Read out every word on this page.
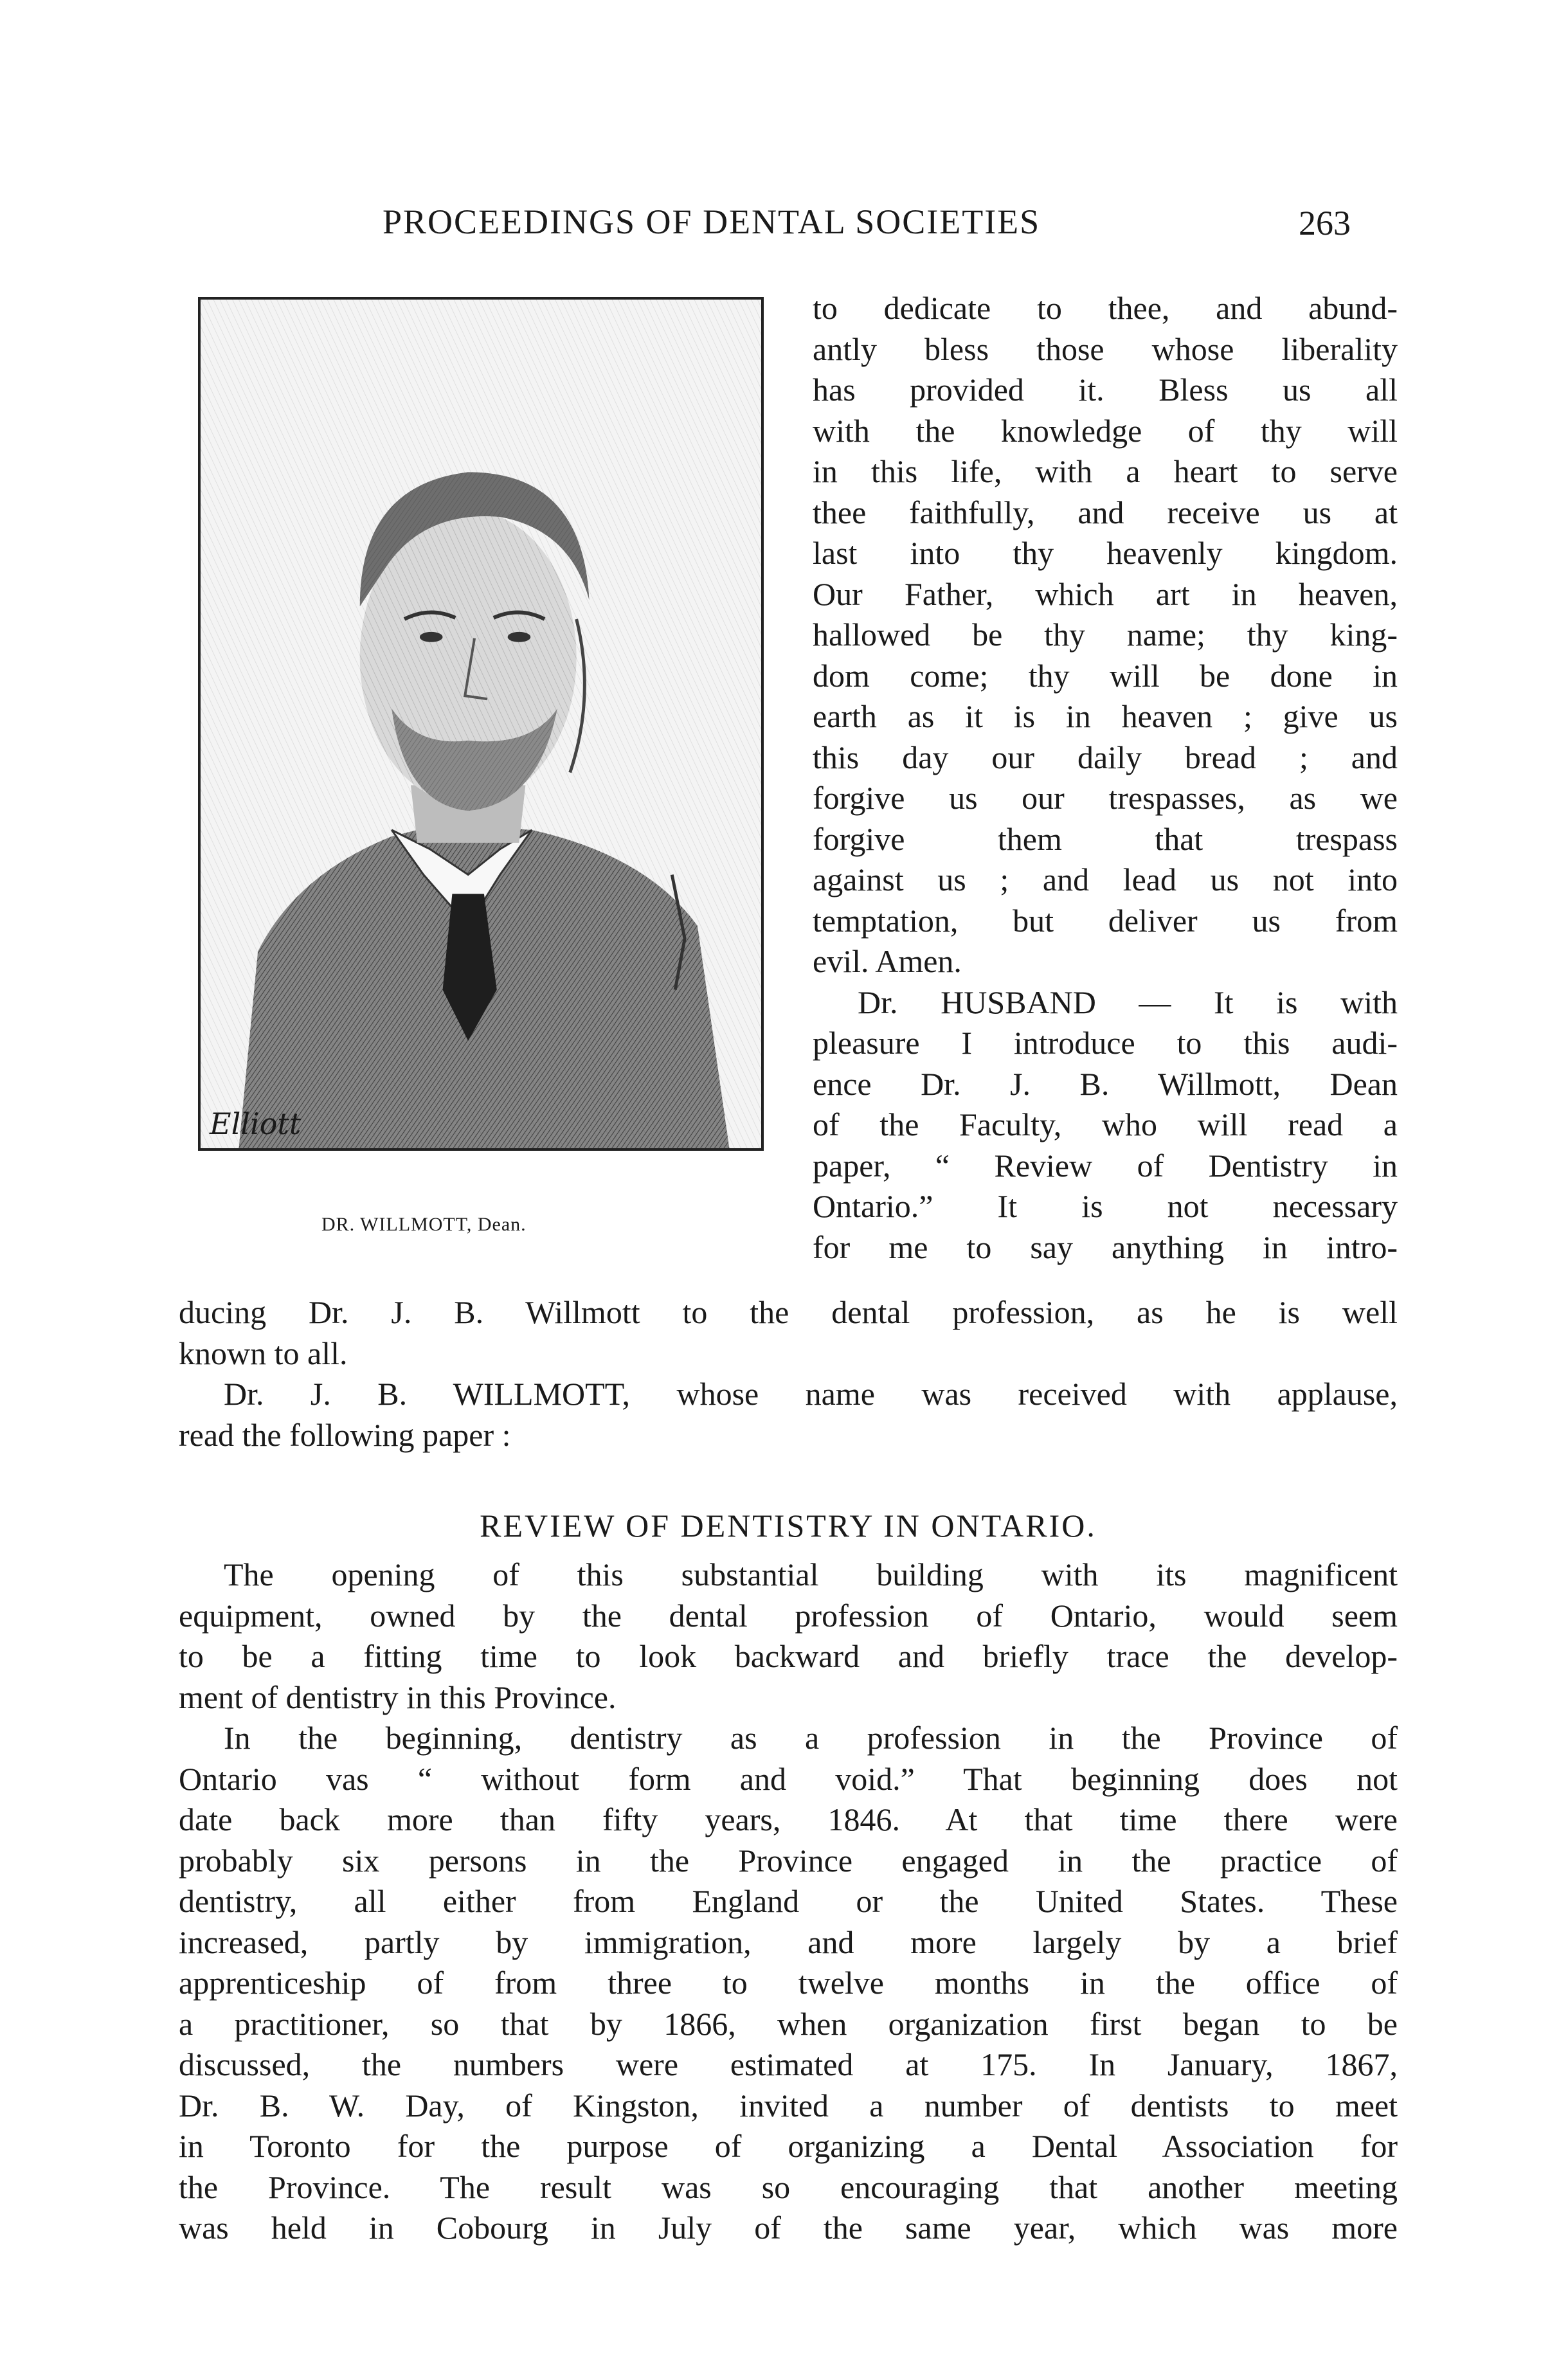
PROCEEDINGS OF DENTAL SOCIETIES	263
Elliott
DR. WILLMOTT, Dean.
to dedicate to thee, and abund-
antly bless those whose liberality
has provided it. Bless us all
with the knowledge of thy will
in this life, with a heart to serve
thee faithfully, and receive us at
last into thy heavenly kingdom.
Our Father, which art in heaven,
hallowed be thy name; thy king-
dom come; thy will be done in
earth as it is in heaven ; give us
this day our daily bread ; and
forgive us our trespasses, as we
forgive them that trespass
against us ; and lead us not into
temptation, but deliver us from
evil. Amen.
Dr. HUSBAND — It is with
pleasure I introduce to this audi-
ence Dr. J. B. Willmott, Dean
of the Faculty, who will read a
paper, “ Review of Dentistry in
Ontario.” It is not necessary
for me to say anything in intro-
ducing Dr. J. B. Willmott to the dental profession, as he is well
known to all.
Dr. J. B. WILLMOTT, whose name was received with applause,
read the following paper :
REVIEW OF DENTISTRY IN ONTARIO.
The opening of this substantial building with its magnificent
equipment, owned by the dental profession of Ontario, would seem
to be a fitting time to look backward and briefly trace the develop-
ment of dentistry in this Province.
In the beginning, dentistry as a profession in the Province of
Ontario vas “ without form and void.” That beginning does not
date back more than fifty years, 1846. At that time there were
probably six persons in the Province engaged in the practice of
dentistry, all either from England or the United States. These
increased, partly by immigration, and more largely by a brief
apprenticeship of from three to twelve months in the office of
a practitioner, so that by 1866, when organization first began to be
discussed, the numbers were estimated at 175. In January, 1867,
Dr. B. W. Day, of Kingston, invited a number of dentists to meet
in Toronto for the purpose of organizing a Dental Association for
the Province. The result was so encouraging that another meeting
was held in Cobourg in July of the same year, which was more
